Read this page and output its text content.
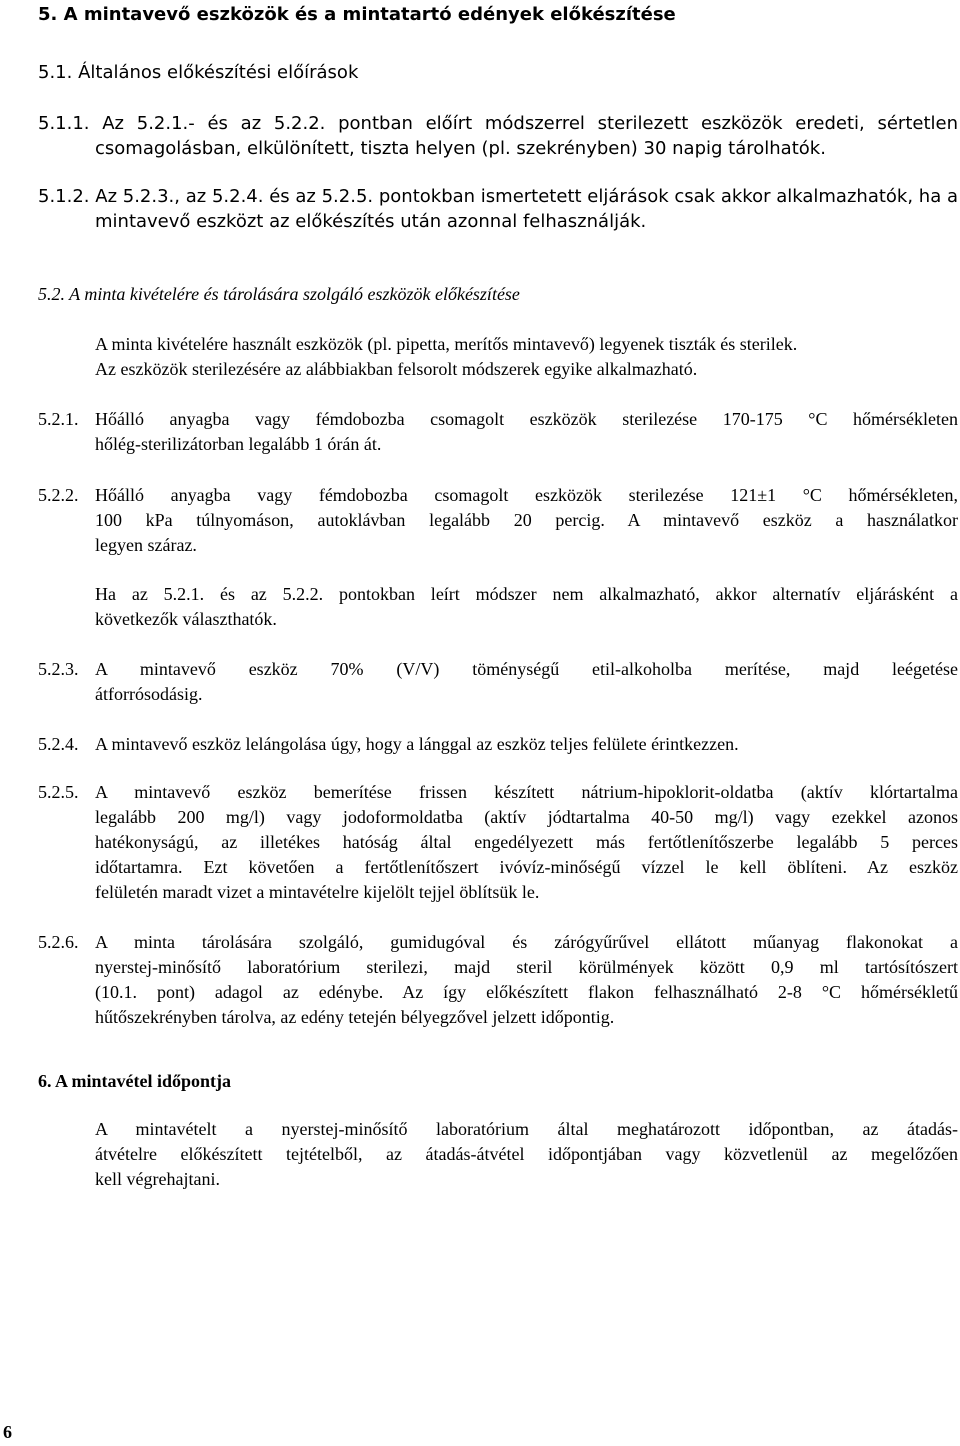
5. A mintavevő eszközök és a mintatartó edények előkészítése
5.1. Általános előkészítési előírások
5.1.1. Az 5.2.1.- és az 5.2.2. pontban előírt módszerrel sterilezett eszközök eredeti, sértetlen
csomagolásban, elkülönített, tiszta helyen (pl. szekrényben) 30 napig tárolhatók.
5.1.2. Az 5.2.3., az 5.2.4. és az 5.2.5. pontokban ismertetett eljárások csak akkor alkalmazhatók, ha a
mintavevő eszközt az előkészítés után azonnal felhasználják.
5.2. A minta kivételére és tárolására szolgáló eszközök előkészítése
A minta kivételére használt eszközök (pl. pipetta, merítős mintavevő) legyenek tiszták és sterilek.
Az eszközök sterilezésére az alábbiakban felsorolt módszerek egyike alkalmazható.
5.2.1. Hőálló anyagba vagy fémdobozba csomagolt eszközök sterilezése 170-175 °C hőmérsékleten
hőlég-sterilizátorban legalább 1 órán át.
5.2.2. Hőálló anyagba vagy fémdobozba csomagolt eszközök sterilezése 121±1 °C hőmérsékleten,
100 kPa túlnyomáson, autoklávban legalább 20 percig. A mintavevő eszköz a használatkor
legyen száraz.
Ha az 5.2.1. és az 5.2.2. pontokban leírt módszer nem alkalmazható, akkor alternatív eljárásként a
következők választhatók.
5.2.3. A mintavevő eszköz 70% (V/V) töménységű etil-alkoholba merítése, majd leégetése
átforrósodásig.
5.2.4. A mintavevő eszköz lelángolása úgy, hogy a lánggal az eszköz teljes felülete érintkezzen.
5.2.5. A mintavevő eszköz bemerítése frissen készített nátrium-hipoklorit-oldatba (aktív klórtartalma
legalább 200 mg/l) vagy jodoformoldatba (aktív jódtartalma 40-50 mg/l) vagy ezekkel azonos
hatékonyságú, az illetékes hatóság által engedélyezett más fertőtlenítőszerbe legalább 5 perces
időtartamra. Ezt követően a fertőtlenítőszert ivóvíz-minőségű vízzel le kell öblíteni. Az eszköz
felületén maradt vizet a mintavételre kijelölt tejjel öblítsük le.
5.2.6. A minta tárolására szolgáló, gumidugóval és zárógyűrűvel ellátott műanyag flakonokat a
nyerstej-minősítő laboratórium sterilezi, majd steril körülmények között 0,9 ml tartósítószert
(10.1. pont) adagol az edénybe. Az így előkészített flakon felhasználható 2-8 °C hőmérsékletű
hűtőszekrényben tárolva, az edény tetején bélyegzővel jelzett időpontig.
6. A mintavétel időpontja
A mintavételt a nyerstej-minősítő laboratórium által meghatározott időpontban, az átadás-
átvételre előkészített tejtételből, az átadás-átvétel időpontjában vagy közvetlenül az megelőzően
kell végrehajtani.
6
